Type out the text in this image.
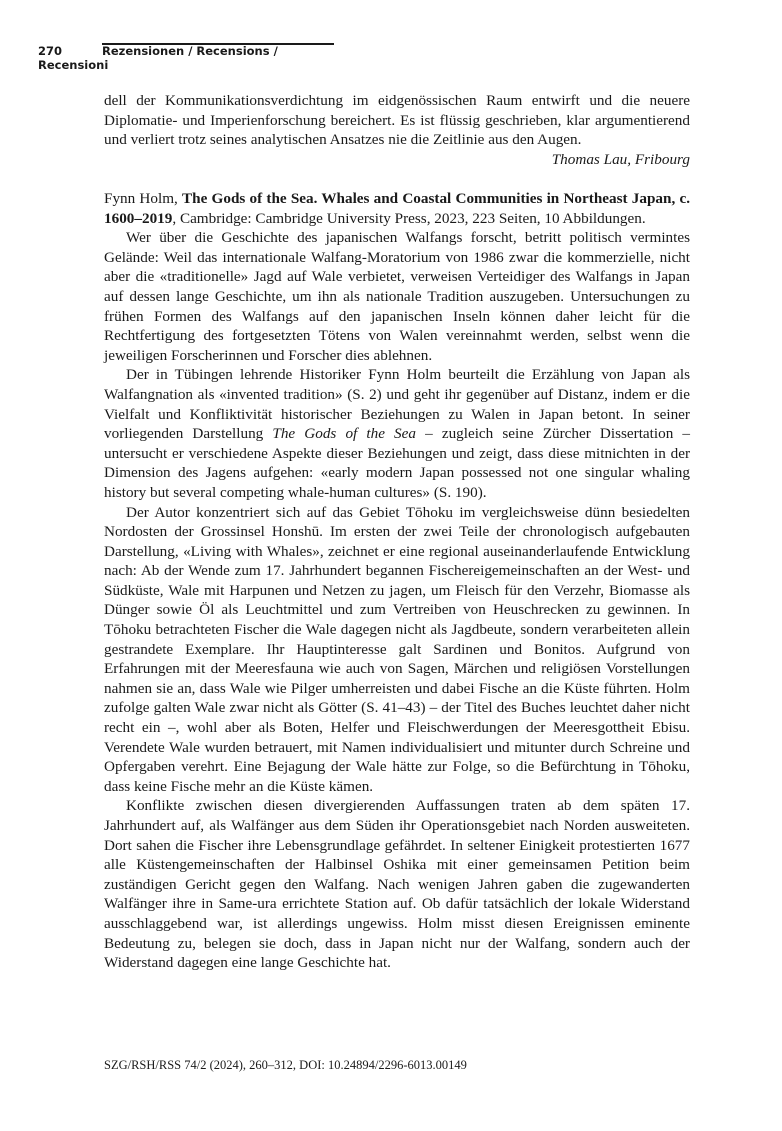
270	Rezensionen / Recensions / Recensioni

dell der Kommunikationsverdichtung im eidgenössischen Raum entwirft und die neuere Diplomatie- und Imperienforschung bereichert. Es ist flüssig geschrieben, klar argumentierend und verliert trotz seines analytischen Ansatzes nie die Zeitlinie aus den Augen.

Thomas Lau, Fribourg

Fynn Holm, The Gods of the Sea. Whales and Coastal Communities in Northeast Japan, c. 1600–2019, Cambridge: Cambridge University Press, 2023, 223 Seiten, 10 Abbildungen.

Wer über die Geschichte des japanischen Walfangs forscht, betritt politisch vermintes Gelände: Weil das internationale Walfang-Moratorium von 1986 zwar die kommerzielle, nicht aber die «traditionelle» Jagd auf Wale verbietet, verweisen Verteidiger des Walfangs in Japan auf dessen lange Geschichte, um ihn als nationale Tradition auszugeben. Untersuchungen zu frühen Formen des Walfangs auf den japanischen Inseln können daher leicht für die Rechtfertigung des fortgesetzten Tötens von Walen vereinnahmt werden, selbst wenn die jeweiligen Forscherinnen und Forscher dies ablehnen.

Der in Tübingen lehrende Historiker Fynn Holm beurteilt die Erzählung von Japan als Walfangnation als «invented tradition» (S. 2) und geht ihr gegenüber auf Distanz, indem er die Vielfalt und Konfliktivität historischer Beziehungen zu Walen in Japan betont. In seiner vorliegenden Darstellung The Gods of the Sea – zugleich seine Zürcher Dissertation – untersucht er verschiedene Aspekte dieser Beziehungen und zeigt, dass diese mitnichten in der Dimension des Jagens aufgehen: «early modern Japan possessed not one singular whaling history but several competing whale-human cultures» (S. 190).

Der Autor konzentriert sich auf das Gebiet Tōhoku im vergleichsweise dünn besiedelten Nordosten der Grossinsel Honshū. Im ersten der zwei Teile der chronologisch aufgebauten Darstellung, «Living with Whales», zeichnet er eine regional auseinanderlaufende Entwicklung nach: Ab der Wende zum 17. Jahrhundert begannen Fischereigemeinschaften an der West- und Südküste, Wale mit Harpunen und Netzen zu jagen, um Fleisch für den Verzehr, Biomasse als Dünger sowie Öl als Leuchtmittel und zum Vertreiben von Heuschrecken zu gewinnen. In Tōhoku betrachteten Fischer die Wale dagegen nicht als Jagdbeute, sondern verarbeiteten allein gestrandete Exemplare. Ihr Hauptinteresse galt Sardinen und Bonitos. Aufgrund von Erfahrungen mit der Meeresfauna wie auch von Sagen, Märchen und religiösen Vorstellungen nahmen sie an, dass Wale wie Pilger umherreisten und dabei Fische an die Küste führten. Holm zufolge galten Wale zwar nicht als Götter (S. 41–43) – der Titel des Buches leuchtet daher nicht recht ein –, wohl aber als Boten, Helfer und Fleischwerdungen der Meeresgottheit Ebisu. Verendete Wale wurden betrauert, mit Namen individualisiert und mitunter durch Schreine und Opfergaben verehrt. Eine Bejagung der Wale hätte zur Folge, so die Befürchtung in Tōhoku, dass keine Fische mehr an die Küste kämen.

Konflikte zwischen diesen divergierenden Auffassungen traten ab dem späten 17. Jahrhundert auf, als Walfänger aus dem Süden ihr Operationsgebiet nach Norden ausweiteten. Dort sahen die Fischer ihre Lebensgrundlage gefährdet. In seltener Einigkeit protestierten 1677 alle Küstengemeinschaften der Halbinsel Oshika mit einer gemeinsamen Petition beim zuständigen Gericht gegen den Walfang. Nach wenigen Jahren gaben die zugewanderten Walfänger ihre in Same-ura errichtete Station auf. Ob dafür tatsächlich der lokale Widerstand ausschlaggebend war, ist allerdings ungewiss. Holm misst diesen Ereignissen eminente Bedeutung zu, belegen sie doch, dass in Japan nicht nur der Walfang, sondern auch der Widerstand dagegen eine lange Geschichte hat.

SZG/RSH/RSS 74/2 (2024), 260–312, DOI: 10.24894/2296-6013.00149
